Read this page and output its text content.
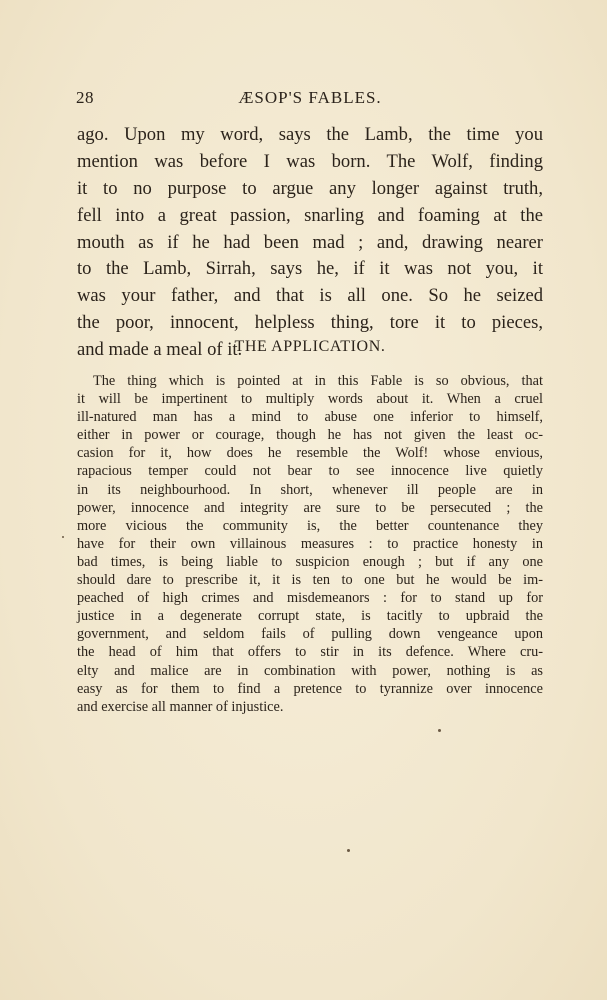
28	ÆSOP'S FABLES.
ago. Upon my word, says the Lamb, the time you
mention was before I was born. The Wolf, finding
it to no purpose to argue any longer against truth,
fell into a great passion, snarling and foaming at the
mouth as if he had been mad ; and, drawing nearer
to the Lamb, Sirrah, says he, if it was not you, it
was your father, and that is all one. So he seized
the poor, innocent, helpless thing, tore it to pieces,
and made a meal of it.
THE APPLICATION.
The thing which is pointed at in this Fable is so obvious, that
it will be impertinent to multiply words about it. When a cruel
ill-natured man has a mind to abuse one inferior to himself,
either in power or courage, though he has not given the least oc-
casion for it, how does he resemble the Wolf! whose envious,
rapacious temper could not bear to see innocence live quietly
in its neighbourhood. In short, whenever ill people are in
power, innocence and integrity are sure to be persecuted ; the
more vicious the community is, the better countenance they
have for their own villainous measures : to practice honesty in
bad times, is being liable to suspicion enough ; but if any one
should dare to prescribe it, it is ten to one but he would be im-
peached of high crimes and misdemeanors : for to stand up for
justice in a degenerate corrupt state, is tacitly to upbraid the
government, and seldom fails of pulling down vengeance upon
the head of him that offers to stir in its defence. Where cru-
elty and malice are in combination with power, nothing is as
easy as for them to find a pretence to tyrannize over innocence
and exercise all manner of injustice.
